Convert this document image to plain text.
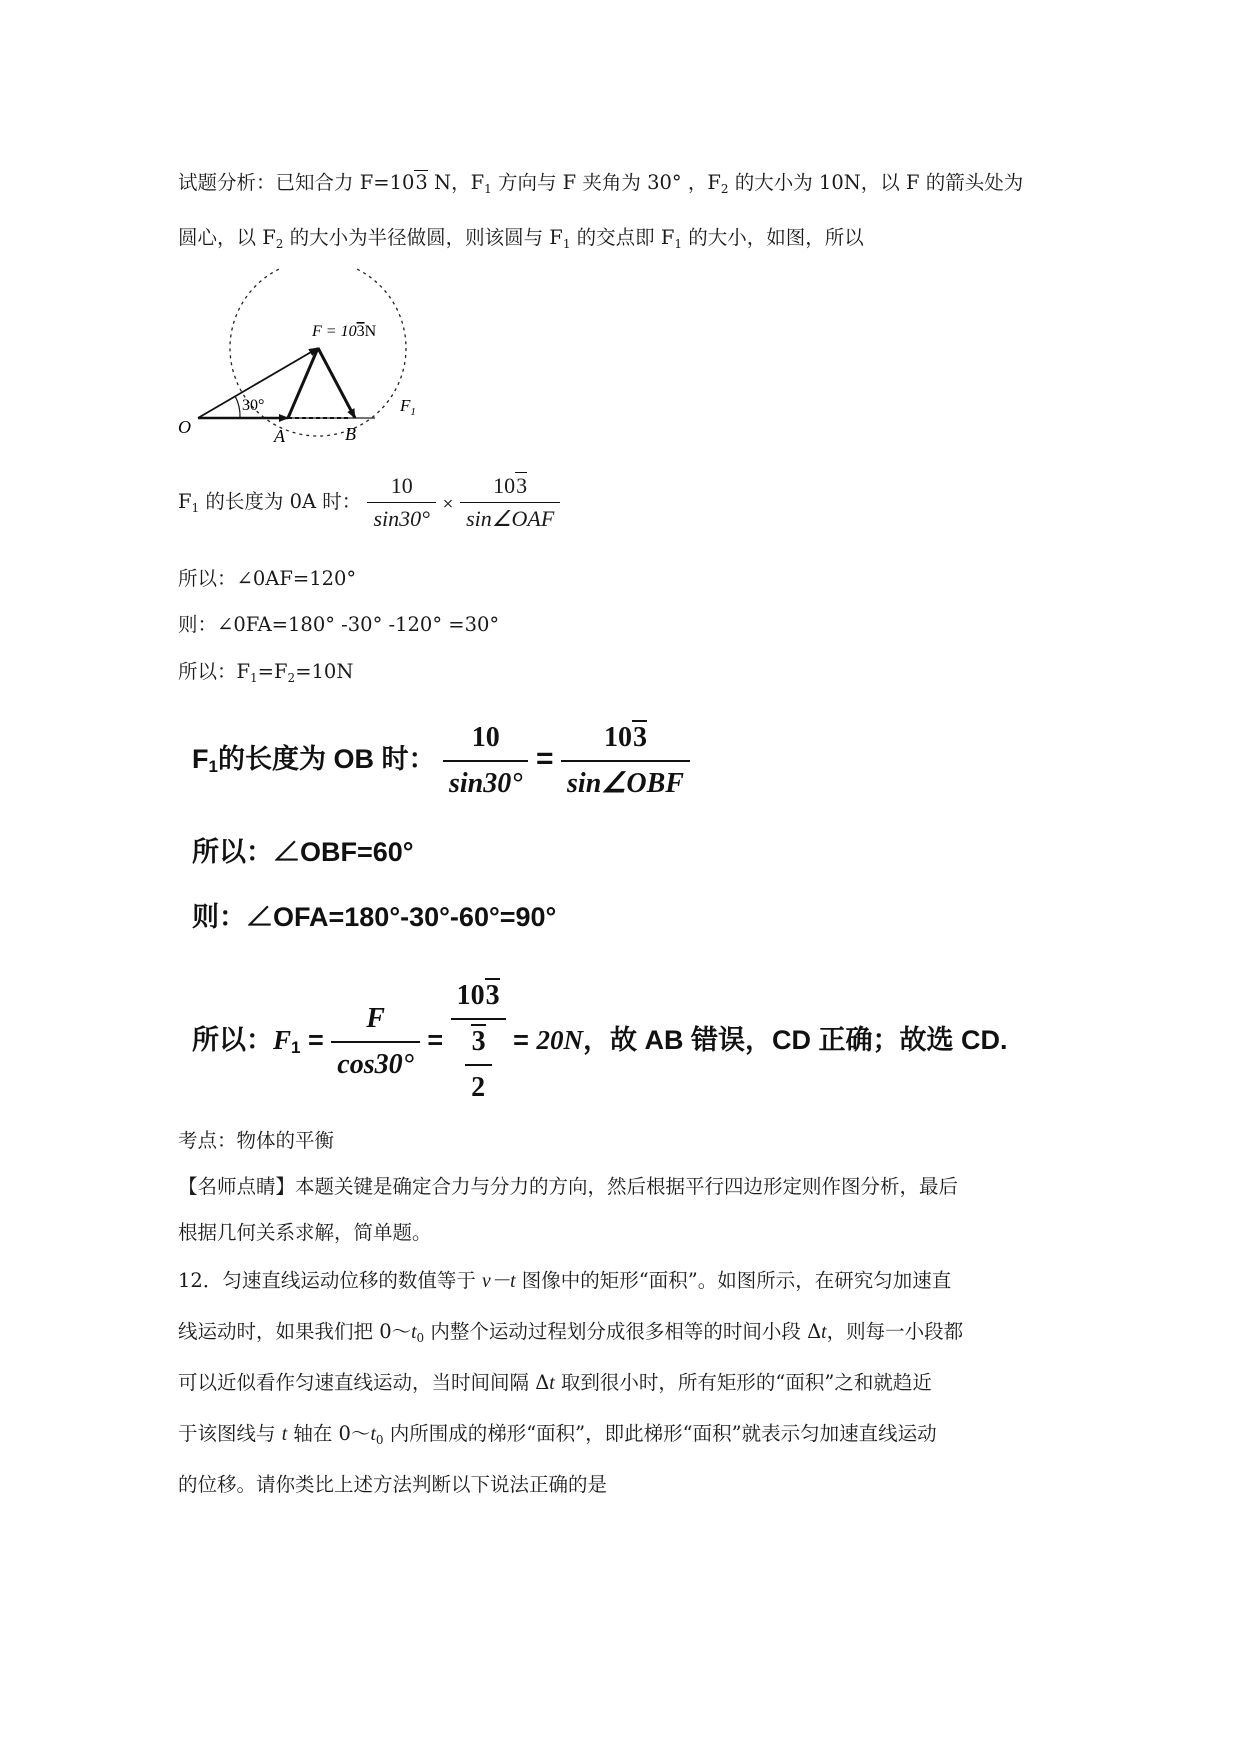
试题分析：已知合力 F=103 N，$F_1$ 方向与 F 夹角为 30° ，$F_2$ 的大小为 10N，以 F 的箭头处为
圆心，以 $F_2$ 的大小为半径做圆，则该圆与 $F_1$ 的交点即 $F_1$ 的大小，如图，所以
30°
F = 103N
O	A	B
$F_1$
$F_1$ 的长度为 0A 时： $\frac{10}{\sin 30^\circ} \times \frac{103}{\text{sin∠OAF}}$
所以：∠0AF=120°
则：∠0FA=180° -30° -120° =30°
所以：$F_1=F_2=10N$
$F_1$的长度为 OB 时： $\frac{10}{\sin 30^\circ} = \frac{103}{\text{sin∠OBF}}$
所以：∠OBF=60°
则：∠OFA=180°-30°-60°=90°
所以：$F_1 = \frac{F}{\cos 30^\circ} = \frac{103}{\frac{3}{2}} = 20N$，故 AB 错误，CD 正确；故选 CD.
考点：物体的平衡
【名师点睛】本题关键是确定合力与分力的方向，然后根据平行四边形定则作图分析，最后
根据几何关系求解，简单题。
12．匀速直线运动位移的数值等于 v－t 图像中的矩形“面积”。如图所示，在研究匀加速直
线运动时，如果我们把 $0\sim t_0$ 内整个运动过程划分成很多相等的时间小段 Δt，则每一小段都
可以近似看作匀速直线运动，当时间间隔 Δt 取到很小时，所有矩形的“面积”之和就趋近
于该图线与 t 轴在 $0\sim t_0$ 内所围成的梯形“面积”，即此梯形“面积”就表示匀加速直线运动
的位移。请你类比上述方法判断以下说法正确的是
